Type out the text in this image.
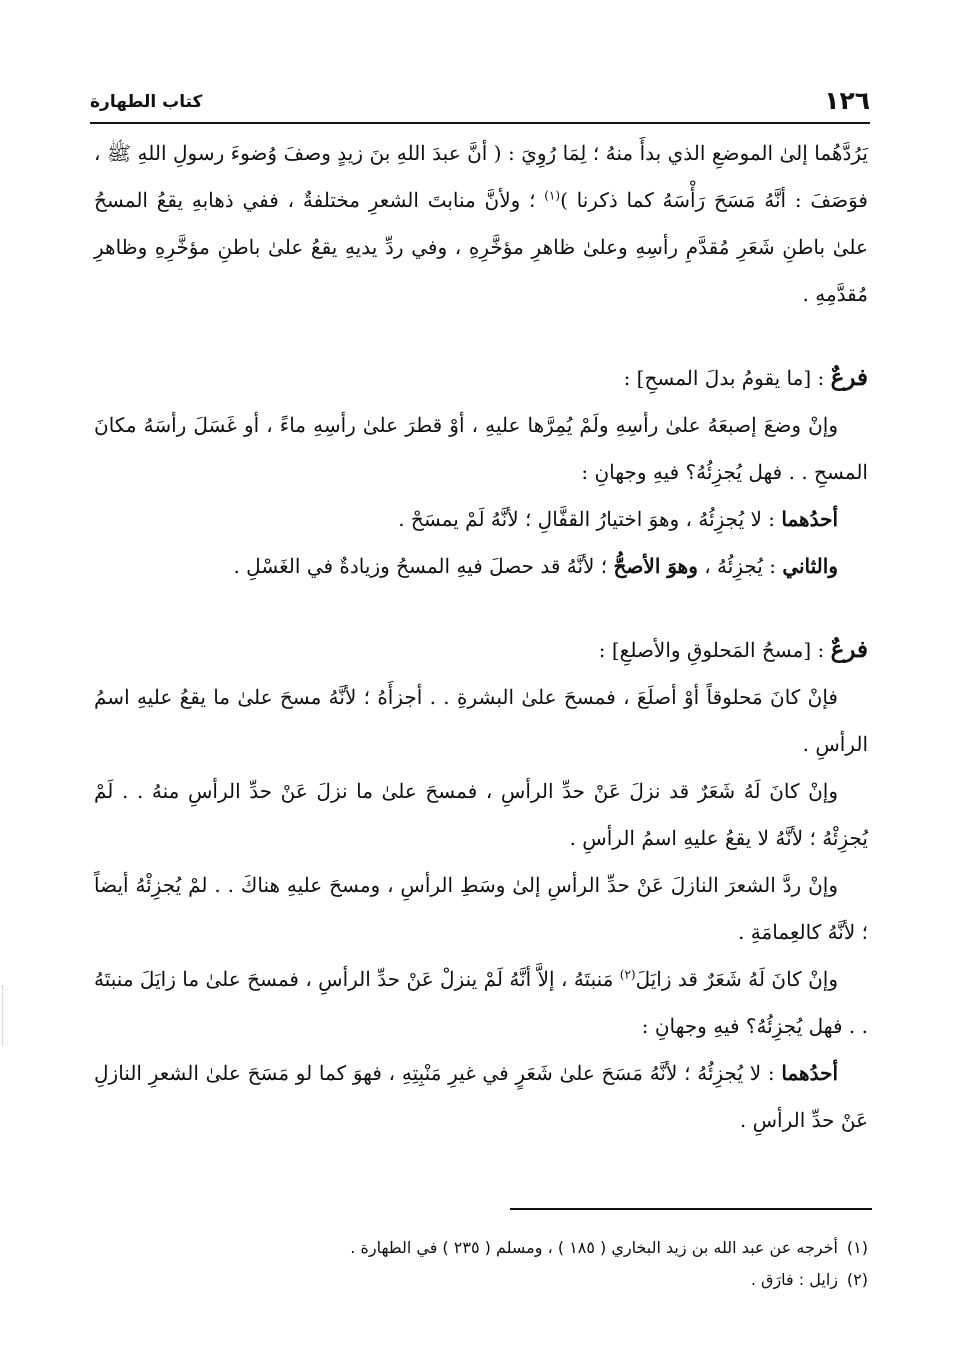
١٢٦
كتاب الطهارة

يَرُدَّهُما إلىٰ الموضعِ الذي بدأَ منهُ ؛ لِمَا رُوِيَ : ( أنَّ عبدَ اللهِ بنَ زيدٍ وصفَ وُضوءَ رسولِ اللهِ ﷺ ، فوَصَفَ : أنَّهُ مَسَحَ رَأْسَهُ كما ذكرنا )$^{(١)}$ ؛ ولأنَّ منابتَ الشعرِ مختلفةٌ ، ففي ذهابهِ يقعُ المسحُ علىٰ باطنِ شَعَرِ مُقدَّمِ رأسِهِ وعلىٰ ظاهرِ مؤخَّرِهِ ، وفي ردِّ يديهِ يقعُ علىٰ باطنِ مؤخَّرِهِ وظاهرِ مُقدَّمِهِ .

فرعٌ : [ما يقومُ بدلَ المسحِ] :

وإنْ وضعَ إصبعَهُ علىٰ رأسِهِ ولَمْ يُمِرَّها عليهِ ، أوْ قطرَ علىٰ رأسِهِ ماءً ، أو غَسَلَ رأسَهُ مكانَ المسحِ . . فهل يُجزِئُهُ؟ فيهِ وجهانِ :

أحدُهما : لا يُجزِئُهُ ، وهوَ اختيارُ القفَّالِ ؛ لأنَّهُ لَمْ يمسَحْ .

والثاني : يُجزِئُهُ ، وهوَ الأصحُّ ؛ لأنَّهُ قد حصلَ فيهِ المسحُ وزيادةٌ في الغَسْلِ .

فرعٌ : [مسحُ المَحلوقِ والأصلعِ] :

فإنْ كانَ مَحلوقاً أوْ أصلَعَ ، فمسحَ علىٰ البشرةِ . . أجزأَهُ ؛ لأنَّهُ مسحَ علىٰ ما يقعُ عليهِ اسمُ الرأسِ .

وإنْ كانَ لَهُ شَعَرٌ قد نزلَ عَنْ حدِّ الرأسِ ، فمسحَ علىٰ ما نزلَ عَنْ حدِّ الرأسِ منهُ . . لَمْ يُجزِئْهُ ؛ لأنَّهُ لا يقعُ عليهِ اسمُ الرأسِ .

وإنْ ردَّ الشعرَ النازلَ عَنْ حدِّ الرأسِ إلىٰ وسَطِ الرأسِ ، ومسحَ عليهِ هناكَ . . لمْ يُجزِئْهُ أيضاً ؛ لأنَّهُ كالعِمامَةِ .

وإنْ كانَ لَهُ شَعَرٌ قد زايَلَ$^{(٢)}$ مَنبتَهُ ، إلاَّ أنَّهُ لَمْ ينزلْ عَنْ حدِّ الرأسِ ، فمسحَ علىٰ ما زايَلَ منبتَهُ . . فهل يُجزِئُهُ؟ فيهِ وجهانِ :

أحدُهما : لا يُجزِئُهُ ؛ لأنَّهُ مَسَحَ علىٰ شَعَرٍ في غيرِ مَنْبِتِهِ ، فهوَ كما لو مَسَحَ علىٰ الشعرِ النازلِ عَنْ حدِّ الرأسِ .

(١)أخرجه عن عبد الله بن زيد البخاري ( ١٨٥ ) ، ومسلم ( ٢٣٥ ) في الطهارة .

(٢)زايل : فارَق .
